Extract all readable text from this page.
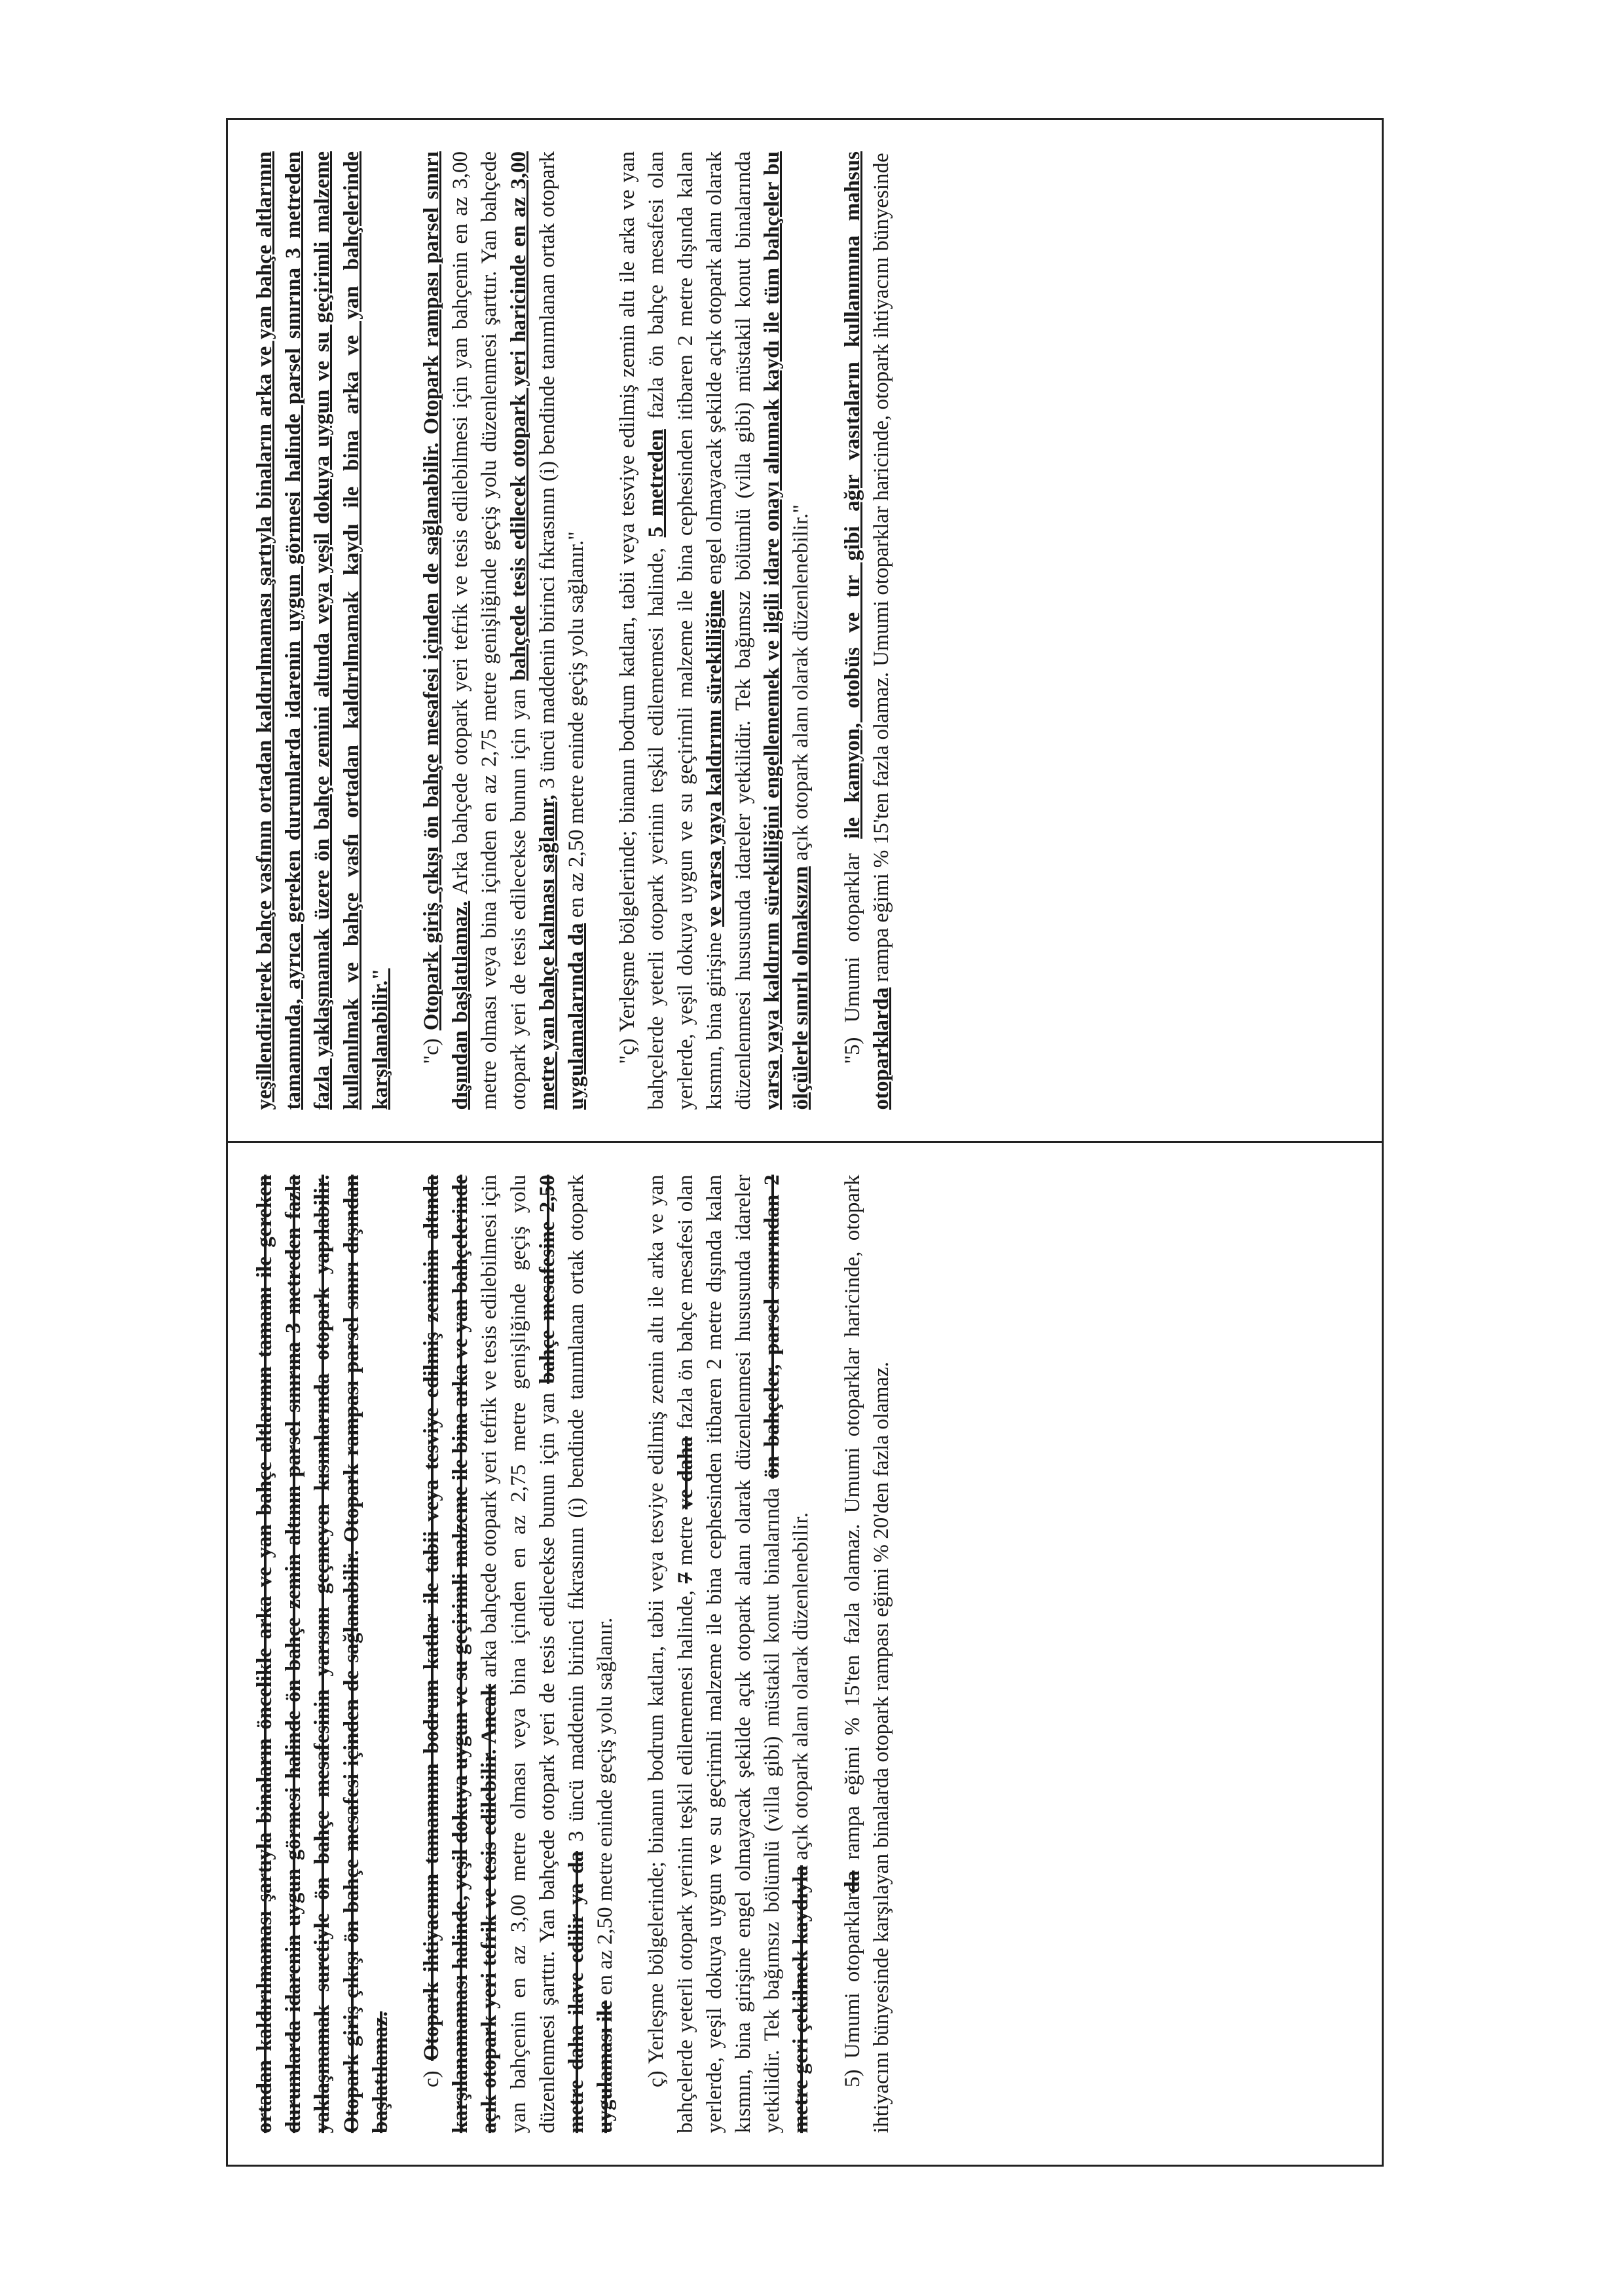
ortadan kaldırılmaması şartıyla binaların öncelikle arka ve yan bahçe altlarının tamamı ile gereken durumlarda idarenin uygun görmesi halinde ön bahçe zemin altının parsel sınırına 3 metreden fazla yaklaşmamak suretiyle ön bahçe mesafesinin yarısını geçmeyen kısımlarında otopark yapılabilir. Otopark giriş çıkışı ön bahçe mesafesi içinden de sağlanabilir. Otopark rampası parsel sınırı dışından başlatılamaz. c) Otopark ihtiyacının tamamının bodrum katlar ile tabii veya tesviye edilmiş zeminin altında karşılanamaması halinde, yeşil dokuya uygun ve su geçirimli malzeme ile bina arka ve yan bahçelerinde açık otopark yeri tefrik ve tesis edilebilir. Ancak arka bahçede otopark yeri tefrik ve tesis edilebilmesi için yan bahçenin en az 3,00 metre olması veya bina içinden en az 2,75 metre genişliğinde geçiş yolu düzenlenmesi şarttır. Yan bahçede otopark yeri de tesis edilecekse bunun için yan bahçe mesafesine 2,50 metre daha ilave edilir ya da 3 üncü maddenin birinci fıkrasının (i) bendinde tanımlanan ortak otopark uygulaması ile en az 2,50 metre eninde geçiş yolu sağlanır. ç) Yerleşme bölgelerinde; binanın bodrum katları, tabii veya tesviye edilmiş zemin altı ile arka ve yan bahçelerde yeterli otopark yerinin teşkil edilememesi halinde, 7 metre ve daha fazla ön bahçe mesafesi olan yerlerde, yeşil dokuya uygun ve su geçirimli malzeme ile bina cephesinden itibaren 2 metre dışında kalan kısmın, bina girişine engel olmayacak şekilde açık otopark alanı olarak düzenlenmesi hususunda idareler yetkilidir. Tek bağımsız bölümlü (villa gibi) müstakil konut binalarında ön bahçeler, parsel sınırından 2 metre geri çekilmek kaydıyla açık otopark alanı olarak düzenlenebilir.

5) Umumi otoparklarda rampa eğimi % 15'ten fazla olamaz. Umumi otoparklar haricinde, otopark ihtiyacını bünyesinde karşılayan binalarda otopark rampası eğimi % 20'den fazla olamaz.

yeşillendirilerek bahçe vasfının ortadan kaldırılmaması şartıyla binaların arka ve yan bahçe altlarının tamamında, ayrıca gereken durumlarda idarenin uygun görmesi halinde parsel sınırına 3 metreden fazla yaklaşmamak üzere ön bahçe zemini altında veya yeşil dokuya uygun ve su geçirimli malzeme kullanılmak ve bahçe vasfı ortadan kaldırılmamak kaydı ile bina arka ve yan bahçelerinde karşılanabilir." "c) Otopark giriş çıkışı ön bahçe mesafesi içinden de sağlanabilir. Otopark rampası parsel sınırı dışından başlatılamaz. Arka bahçede otopark yeri tefrik ve tesis edilebilmesi için yan bahçenin en az 3,00 metre olması veya bina içinden en az 2,75 metre genişliğinde geçiş yolu düzenlenmesi şarttır. Yan bahçede otopark yeri de tesis edilecekse bunun için yan bahçede tesis edilecek otopark yeri haricinde en az 3,00 metre yan bahçe kalması sağlanır, 3 üncü maddenin birinci fıkrasının (i) bendinde tanımlanan ortak otopark uygulamalarında da en az 2,50 metre eninde geçiş yolu sağlanır." "ç) Yerleşme bölgelerinde; binanın bodrum katları, tabii veya tesviye edilmiş zemin altı ile arka ve yan bahçelerde yeterli otopark yerinin teşkil edilememesi halinde, 5 metreden fazla ön bahçe mesafesi olan yerlerde, yeşil dokuya uygun ve su geçirimli malzeme ile bina cephesinden itibaren 2 metre dışında kalan kısmın, bina girişine ve varsa yaya kaldırımı sürekliliğine engel olmayacak şekilde açık otopark alanı olarak düzenlenmesi hususunda idareler yetkilidir. Tek bağımsız bölümlü (villa gibi) müstakil konut binalarında varsa yaya kaldırım sürekliliğini engellememek ve ilgili idare onayı alınmak kaydı ile tüm bahçeler bu ölçülerle sınırlı olmaksızın açık otopark alanı olarak düzenlenebilir."

"5) Umumi otoparklar ile kamyon, otobüs ve tır gibi ağır vasıtaların kullanımına mahsus otoparklarda rampa eğimi % 15'ten fazla olamaz. Umumi otoparklar haricinde, otopark ihtiyacını bünyesinde
